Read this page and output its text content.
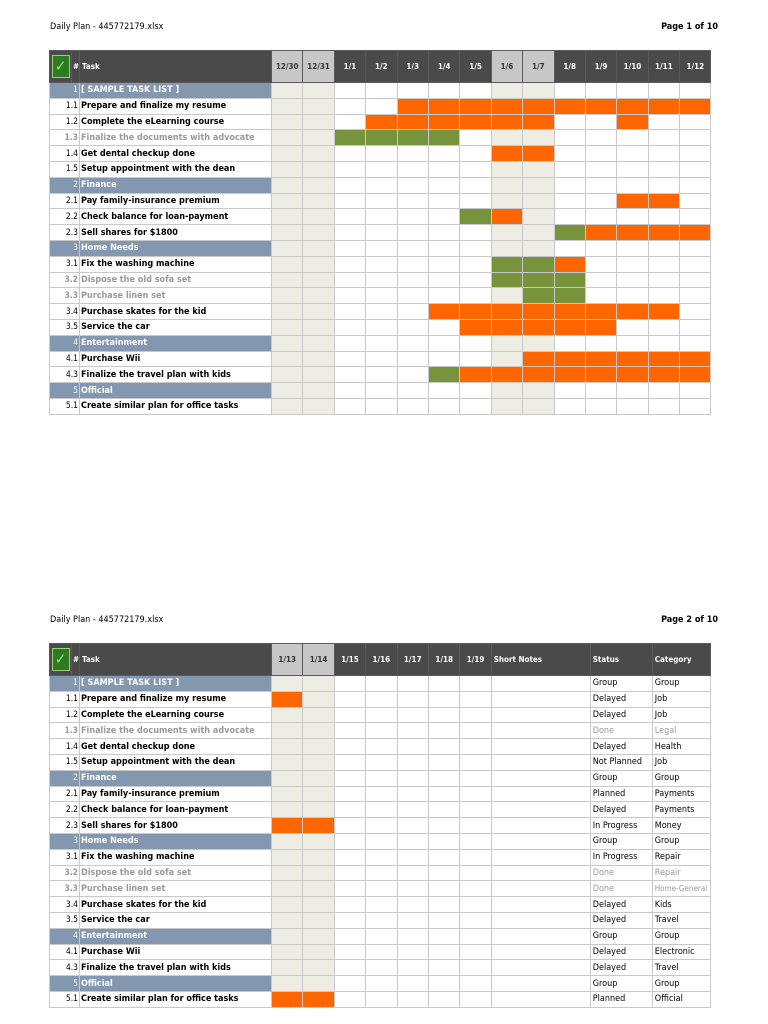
Daily Plan - 445772179.xlsx	Page 1 of 10
✓	#	Task	12/30	12/31	1/1	1/2	1/3	1/4	1/5	1/6	1/7	1/8	1/9	1/10	1/11	1/12
1		[ SAMPLE TASK LIST ]														
1.1		Prepare and finalize my resume														
1.2		Complete the eLearning course														
1.3		Finalize the documents with advocate														
1.4		Get dental checkup done														
1.5		Setup appointment with the dean														
2		Finance														
2.1		Pay family-insurance premium														
2.2		Check balance for loan-payment														
2.3		Sell shares for $1800														
3		Home Needs														
3.1		Fix the washing machine														
3.2		Dispose the old sofa set														
3.3		Purchase linen set														
3.4		Purchase skates for the kid														
3.5		Service the car														
4		Entertainment														
4.1		Purchase Wii														
4.3		Finalize the travel plan with kids														
5		Official														
5.1		Create similar plan for office tasks														
Daily Plan - 445772179.xlsx	Page 2 of 10
✓	#	Task	1/13	1/14	1/15	1/16	1/17	1/18	1/19	Short Notes	Status	Category
1		[ SAMPLE TASK LIST ]									Group	Group
1.1		Prepare and finalize my resume									Delayed	Job
1.2		Complete the eLearning course									Delayed	Job
1.3		Finalize the documents with advocate									Done	Legal
1.4		Get dental checkup done									Delayed	Health
1.5		Setup appointment with the dean									Not Planned	Job
2		Finance									Group	Group
2.1		Pay family-insurance premium									Planned	Payments
2.2		Check balance for loan-payment									Delayed	Payments
2.3		Sell shares for $1800									In Progress	Money
3		Home Needs									Group	Group
3.1		Fix the washing machine									In Progress	Repair
3.2		Dispose the old sofa set									Done	Repair
3.3		Purchase linen set									Done	Home-General
3.4		Purchase skates for the kid									Delayed	Kids
3.5		Service the car									Delayed	Travel
4		Entertainment									Group	Group
4.1		Purchase Wii									Delayed	Electronic
4.3		Finalize the travel plan with kids									Delayed	Travel
5		Official									Group	Group
5.1		Create similar plan for office tasks									Planned	Official
